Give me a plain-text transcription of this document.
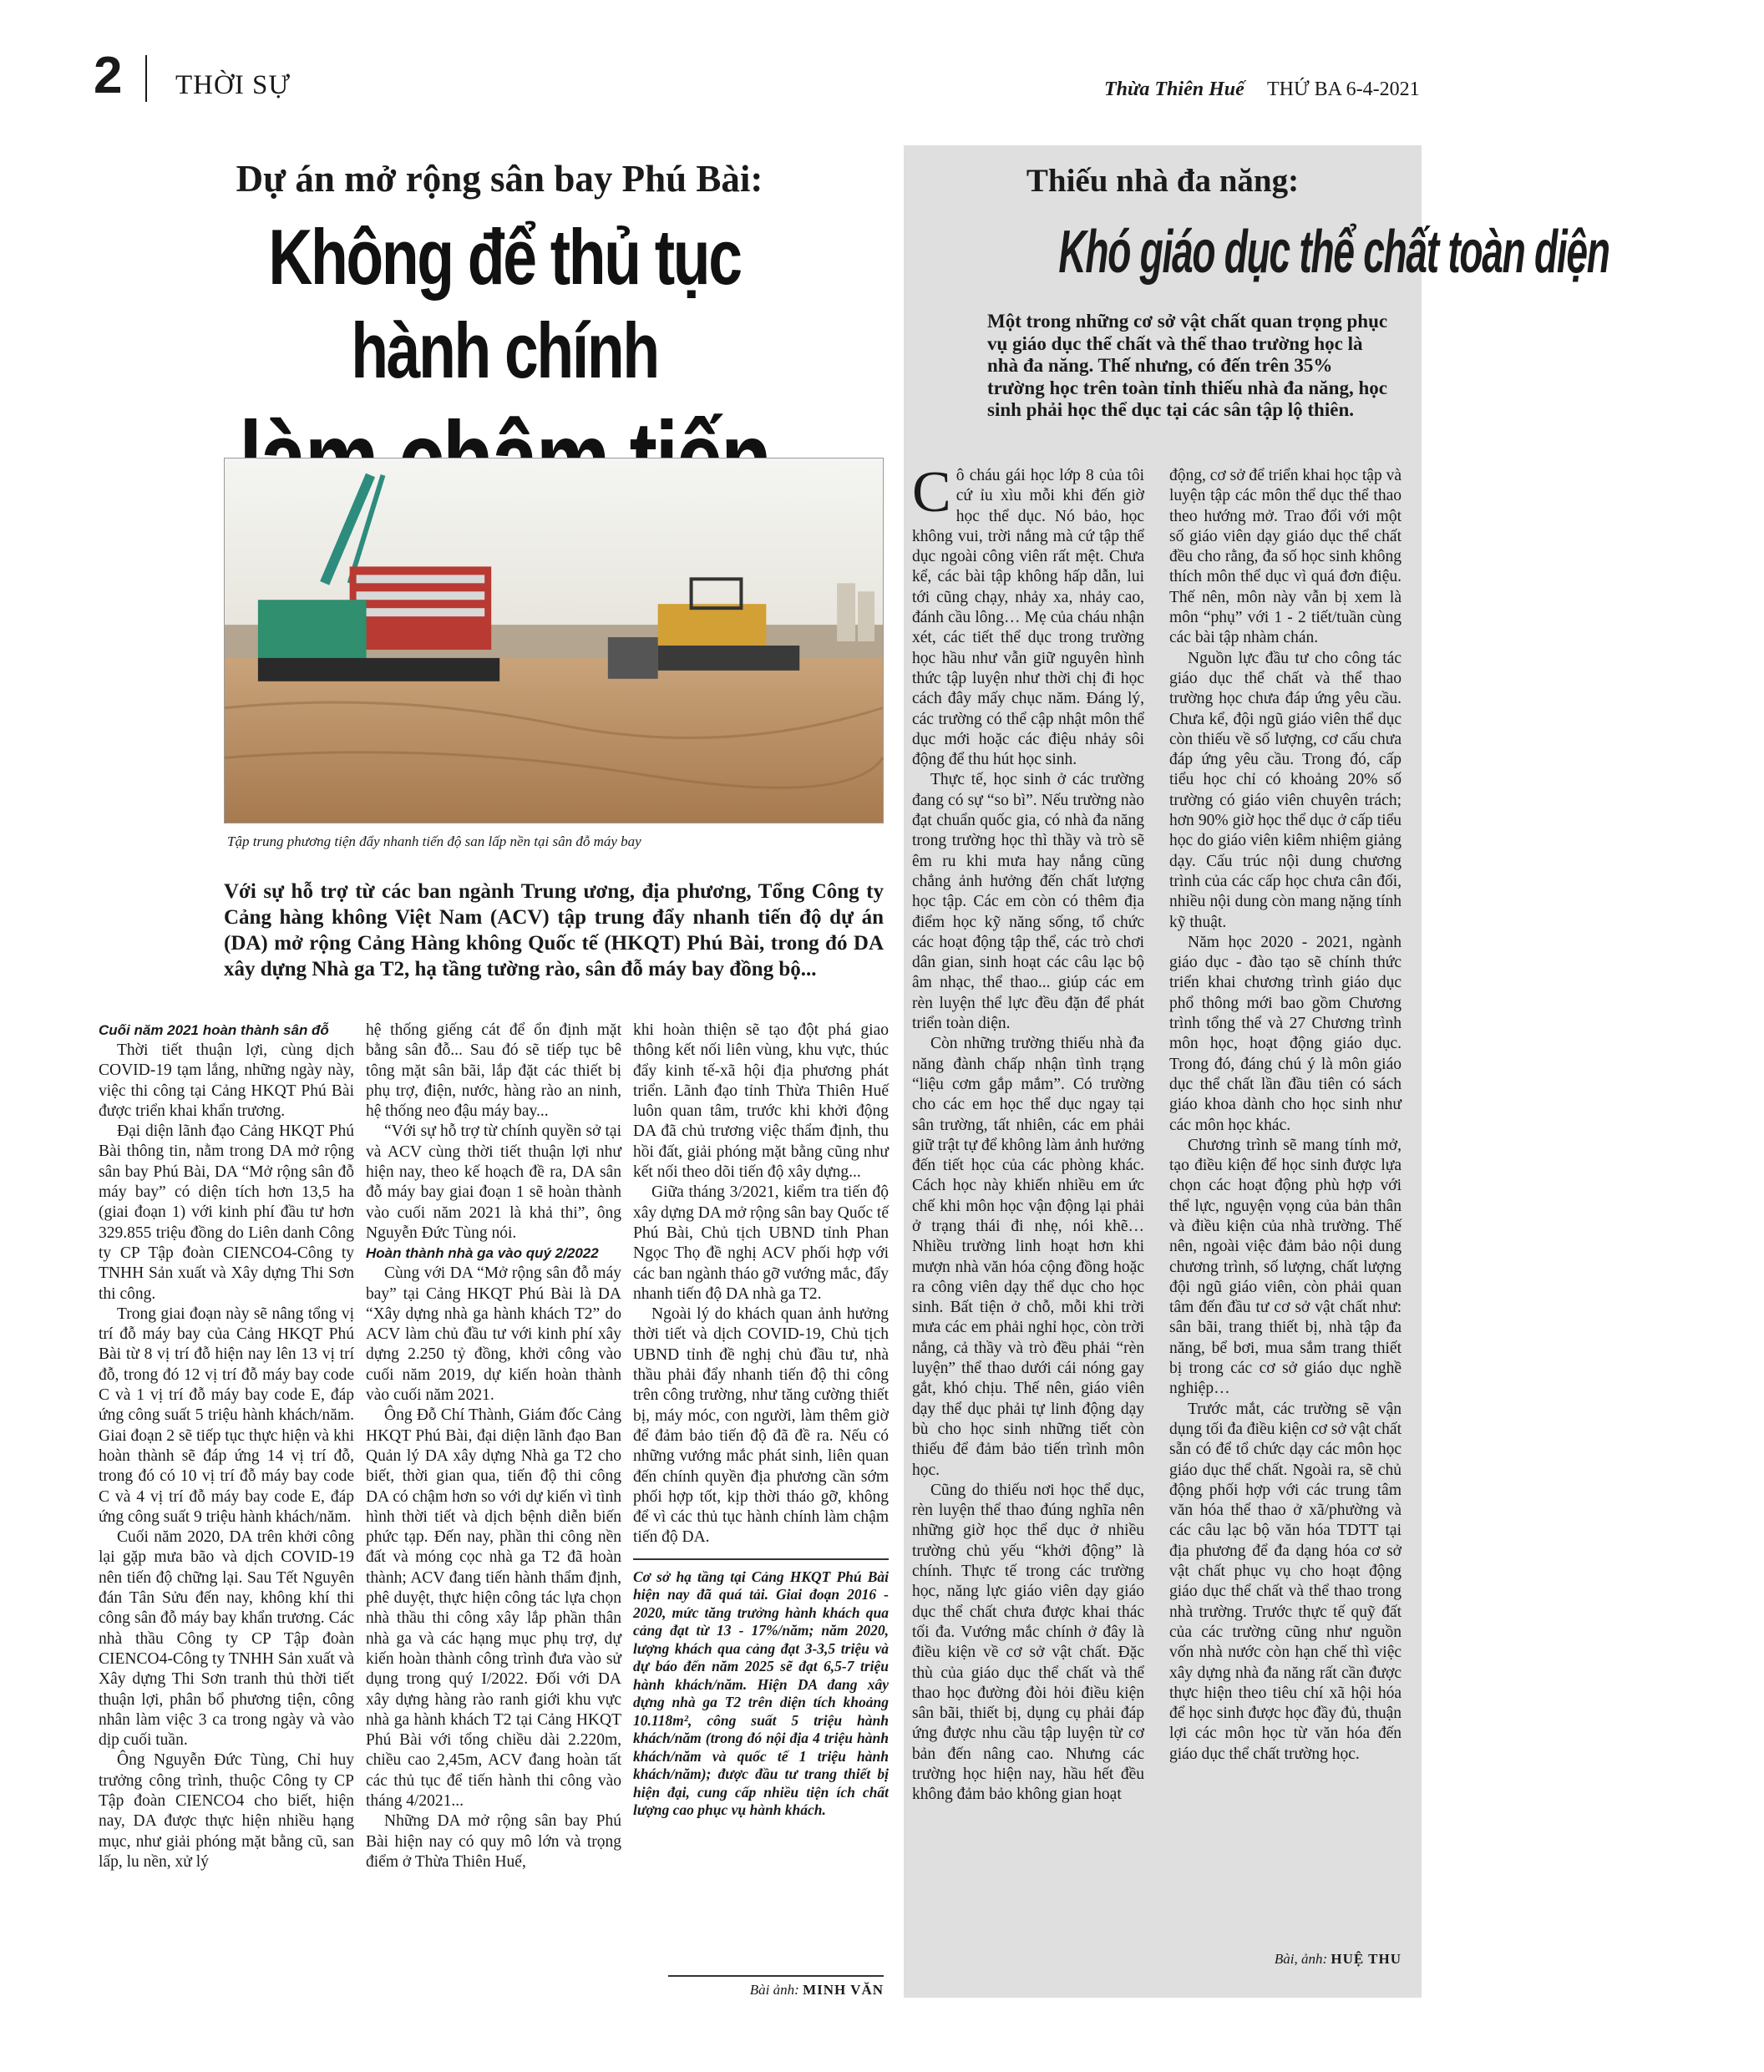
2 THỜI SỰ	Thừa Thiên Huế THỨ BA 6-4-2021
Dự án mở rộng sân bay Phú Bài:
Không để thủ tục hành chính
Tập trung phương tiện đẩy nhanh tiến độ san lấp nền tại sân đỗ máy bay
Với sự hỗ trợ từ các ban ngành Trung ương, địa phương, Tổng Công ty Cảng hàng không Việt Nam (ACV) tập trung đẩy nhanh tiến độ dự án (DA) mở rộng Cảng Hàng không Quốc tế (HKQT) Phú Bài, trong đó DA xây dựng Nhà ga T2, hạ tầng tường rào, sân đỗ máy bay đồng bộ...

Cuối năm 2021 hoàn thành sân đỗ

Thời tiết thuận lợi, cùng dịch COVID-19 tạm lắng, những ngày này, việc thi công tại Cảng HKQT Phú Bài được triển khai khẩn trương.

Đại diện lãnh đạo Cảng HKQT Phú Bài thông tin, nằm trong DA mở rộng sân bay Phú Bài, DA “Mở rộng sân đỗ máy bay” có diện tích hơn 13,5 ha (giai đoạn 1) với kinh phí đầu tư hơn 329.855 triệu đồng do Liên danh Công ty CP Tập đoàn CIENCO4-Công ty TNHH Sản xuất và Xây dựng Thi Sơn thi công.

Trong giai đoạn này sẽ nâng tổng vị trí đỗ máy bay của Cảng HKQT Phú Bài từ 8 vị trí đỗ hiện nay lên 13 vị trí đỗ, trong đó 12 vị trí đỗ máy bay code C và 1 vị trí đỗ máy bay code E, đáp ứng công suất 5 triệu hành khách/năm. Giai đoạn 2 sẽ tiếp tục thực hiện và khi hoàn thành sẽ đáp ứng 14 vị trí đỗ, trong đó có 10 vị trí đỗ máy bay code C và 4 vị trí đỗ máy bay code E, đáp ứng công suất 9 triệu hành khách/năm.

Cuối năm 2020, DA trên khởi công lại gặp mưa bão và dịch COVID-19 nên tiến độ chững lại. Sau Tết Nguyên đán Tân Sửu đến nay, không khí thi công sân đỗ máy bay khẩn trương. Các nhà thầu Công ty CP Tập đoàn CIENCO4-Công ty TNHH Sản xuất và Xây dựng Thi Sơn tranh thủ thời tiết thuận lợi, phân bổ phương tiện, công nhân làm việc 3 ca trong ngày và vào dịp cuối tuần.

Ông Nguyễn Đức Tùng, Chỉ huy trưởng công trình, thuộc Công ty CP Tập đoàn CIENCO4 cho biết, hiện nay, DA được thực hiện nhiều hạng mục, như giải phóng mặt bằng cũ, san lấp, lu nền, xử lý

hệ thống giếng cát để ổn định mặt bằng sân đỗ... Sau đó sẽ tiếp tục bê tông mặt sân bãi, lắp đặt các thiết bị phụ trợ, điện, nước, hàng rào an ninh, hệ thống neo đậu máy bay...

“Với sự hỗ trợ từ chính quyền sở tại và ACV cùng thời tiết thuận lợi như hiện nay, theo kế hoạch đề ra, DA sân đỗ máy bay giai đoạn 1 sẽ hoàn thành vào cuối năm 2021 là khả thi”, ông Nguyễn Đức Tùng nói.

Hoàn thành nhà ga vào quý 2/2022

Cùng với DA “Mở rộng sân đỗ máy bay” tại Cảng HKQT Phú Bài là DA “Xây dựng nhà ga hành khách T2” do ACV làm chủ đầu tư với kinh phí xây dựng 2.250 tỷ đồng, khởi công vào cuối năm 2019, dự kiến hoàn thành vào cuối năm 2021.

Ông Đỗ Chí Thành, Giám đốc Cảng HKQT Phú Bài, đại diện lãnh đạo Ban Quản lý DA xây dựng Nhà ga T2 cho biết, thời gian qua, tiến độ thi công DA có chậm hơn so với dự kiến vì tình hình thời tiết và dịch bệnh diễn biến phức tạp. Đến nay, phần thi công nền đất và móng cọc nhà ga T2 đã hoàn thành; ACV đang tiến hành thẩm định, phê duyệt, thực hiện công tác lựa chọn nhà thầu thi công xây lắp phần thân nhà ga và các hạng mục phụ trợ, dự kiến hoàn thành công trình đưa vào sử dụng trong quý I/2022. Đối với DA xây dựng hàng rào ranh giới khu vực nhà ga hành khách T2 tại Cảng HKQT Phú Bài với tổng chiều dài 2.220m, chiều cao 2,45m, ACV đang hoàn tất các thủ tục để tiến hành thi công vào tháng 4/2021...

Những DA mở rộng sân bay Phú Bài hiện nay có quy mô lớn và trọng điểm ở Thừa Thiên Huế,

khi hoàn thiện sẽ tạo đột phá giao thông kết nối liên vùng, khu vực, thúc đẩy kinh tế-xã hội địa phương phát triển. Lãnh đạo tỉnh Thừa Thiên Huế luôn quan tâm, trước khi khởi động DA đã chủ trương việc thẩm định, thu hồi đất, giải phóng mặt bằng cũng như kết nối theo dõi tiến độ xây dựng...

Giữa tháng 3/2021, kiểm tra tiến độ xây dựng DA mở rộng sân bay Quốc tế Phú Bài, Chủ tịch UBND tỉnh Phan Ngọc Thọ đề nghị ACV phối hợp với các ban ngành tháo gỡ vướng mắc, đẩy nhanh tiến độ DA nhà ga T2.

Ngoài lý do khách quan ảnh hưởng thời tiết và dịch COVID-19, Chủ tịch UBND tỉnh đề nghị chủ đầu tư, nhà thầu phải đẩy nhanh tiến độ thi công trên công trường, như tăng cường thiết bị, máy móc, con người, làm thêm giờ để đảm bảo tiến độ đã đề ra. Nếu có những vướng mắc phát sinh, liên quan đến chính quyền địa phương cần sớm phối hợp tốt, kịp thời tháo gỡ, không để vì các thủ tục hành chính làm chậm tiến độ DA.

Cơ sở hạ tầng tại Cảng HKQT Phú Bài hiện nay đã quá tải. Giai đoạn 2016 - 2020, mức tăng trưởng hành khách qua cảng đạt từ 13 - 17%/năm; năm 2020, lượng khách qua cảng đạt 3-3,5 triệu và dự báo đến năm 2025 sẽ đạt 6,5-7 triệu hành khách/năm. Hiện DA đang xây dựng nhà ga T2 trên diện tích khoảng 10.118m², công suất 5 triệu hành khách/năm (trong đó nội địa 4 triệu hành khách/năm và quốc tế 1 triệu hành khách/năm); được đầu tư trang thiết bị hiện đại, cung cấp nhiều tiện ích chất lượng cao phục vụ hành khách.
Bài ảnh: MINH VĂN
Thiếu nhà đa năng:
Khó giáo dục thể chất toàn diện
Một trong những cơ sở vật chất quan trọng phục vụ giáo dục thể chất và thể thao trường học là nhà đa năng. Thế nhưng, có đến trên 35% trường học trên toàn tỉnh thiếu nhà đa năng, học sinh phải học thể dục tại các sân tập lộ thiên.

Cô cháu gái học lớp 8 của tôi cứ ỉu xìu mỗi khi đến giờ học thể dục. Nó bảo, học không vui, trời nắng mà cứ tập thể dục ngoài công viên rất mệt. Chưa kể, các bài tập không hấp dẫn, lui tới cũng chạy, nhảy xa, nhảy cao, đánh cầu lông… Mẹ của cháu nhận xét, các tiết thể dục trong trường học hầu như vẫn giữ nguyên hình thức tập luyện như thời chị đi học cách đây mấy chục năm. Đáng lý, các trường có thể cập nhật môn thể dục mới hoặc các điệu nhảy sôi động để thu hút học sinh.

Thực tế, học sinh ở các trường đang có sự “so bì”. Nếu trường nào đạt chuẩn quốc gia, có nhà đa năng trong trường học thì thầy và trò sẽ êm ru khi mưa hay nắng cũng chẳng ảnh hưởng đến chất lượng học tập. Các em còn có thêm địa điểm học kỹ năng sống, tổ chức các hoạt động tập thể, các trò chơi dân gian, sinh hoạt các câu lạc bộ âm nhạc, thể thao... giúp các em rèn luyện thể lực đều đặn để phát triển toàn diện.

Còn những trường thiếu nhà đa năng đành chấp nhận tình trạng “liệu cơm gắp mắm”. Có trường cho các em học thể dục ngay tại sân trường, tất nhiên, các em phải giữ trật tự để không làm ảnh hưởng đến tiết học của các phòng khác. Cách học này khiến nhiều em ức chế khi môn học vận động lại phải ở trạng thái đi nhẹ, nói khẽ… Nhiều trường linh hoạt hơn khi mượn nhà văn hóa cộng đồng hoặc ra công viên dạy thể dục cho học sinh. Bất tiện ở chỗ, mỗi khi trời mưa các em phải nghỉ học, còn trời nắng, cả thầy và trò đều phải “rèn luyện” thể thao dưới cái nóng gay gắt, khó chịu. Thế nên, giáo viên dạy thể dục phải tự linh động dạy bù cho học sinh những tiết còn thiếu để đảm bảo tiến trình môn học.

Cũng do thiếu nơi học thể dục, rèn luyện thể thao đúng nghĩa nên những giờ học thể dục ở nhiều trường chủ yếu “khởi động” là chính. Thực tế trong các trường học, năng lực giáo viên dạy giáo dục thể chất chưa được khai thác tối đa. Vướng mắc chính ở đây là điều kiện về cơ sở vật chất. Đặc thù của giáo dục thể chất và thể thao học đường đòi hỏi điều kiện sân bãi, thiết bị, dụng cụ phải đáp ứng được nhu cầu tập luyện từ cơ bản đến nâng cao. Nhưng các trường học hiện nay, hầu hết đều không đảm bảo không gian hoạt

động, cơ sở để triển khai học tập và luyện tập các môn thể dục thể thao theo hướng mở. Trao đổi với một số giáo viên dạy giáo dục thể chất đều cho rằng, đa số học sinh không thích môn thể dục vì quá đơn điệu. Thế nên, môn này vẫn bị xem là môn “phụ” với 1 - 2 tiết/tuần cùng các bài tập nhàm chán.

Nguồn lực đầu tư cho công tác giáo dục thể chất và thể thao trường học chưa đáp ứng yêu cầu. Chưa kể, đội ngũ giáo viên thể dục còn thiếu về số lượng, cơ cấu chưa đáp ứng yêu cầu. Trong đó, cấp tiểu học chỉ có khoảng 20% số trường có giáo viên chuyên trách; hơn 90% giờ học thể dục ở cấp tiểu học do giáo viên kiêm nhiệm giảng dạy. Cấu trúc nội dung chương trình của các cấp học chưa cân đối, nhiều nội dung còn mang nặng tính kỹ thuật.

Năm học 2020 - 2021, ngành giáo dục - đào tạo sẽ chính thức triển khai chương trình giáo dục phổ thông mới bao gồm Chương trình tổng thể và 27 Chương trình môn học, hoạt động giáo dục. Trong đó, đáng chú ý là môn giáo dục thể chất lần đầu tiên có sách giáo khoa dành cho học sinh như các môn học khác.

Chương trình sẽ mang tính mở, tạo điều kiện để học sinh được lựa chọn các hoạt động phù hợp với thể lực, nguyện vọng của bản thân và điều kiện của nhà trường. Thế nên, ngoài việc đảm bảo nội dung chương trình, số lượng, chất lượng đội ngũ giáo viên, còn phải quan tâm đến đầu tư cơ sở vật chất như: sân bãi, trang thiết bị, nhà tập đa năng, bể bơi, mua sắm trang thiết bị trong các cơ sở giáo dục nghề nghiệp…

Trước mắt, các trường sẽ vận dụng tối đa điều kiện cơ sở vật chất sẵn có để tổ chức dạy các môn học giáo dục thể chất. Ngoài ra, sẽ chủ động phối hợp với các trung tâm văn hóa thể thao ở xã/phường và các câu lạc bộ văn hóa TDTT tại địa phương để đa dạng hóa cơ sở vật chất phục vụ cho hoạt động giáo dục thể chất và thể thao trong nhà trường. Trước thực tế quỹ đất của các trường cũng như nguồn vốn nhà nước còn hạn chế thì việc xây dựng nhà đa năng rất cần được thực hiện theo tiêu chí xã hội hóa để học sinh được học đầy đủ, thuận lợi các môn học từ văn hóa đến giáo dục thể chất trường học.

Bài, ảnh: HUỆ THU
